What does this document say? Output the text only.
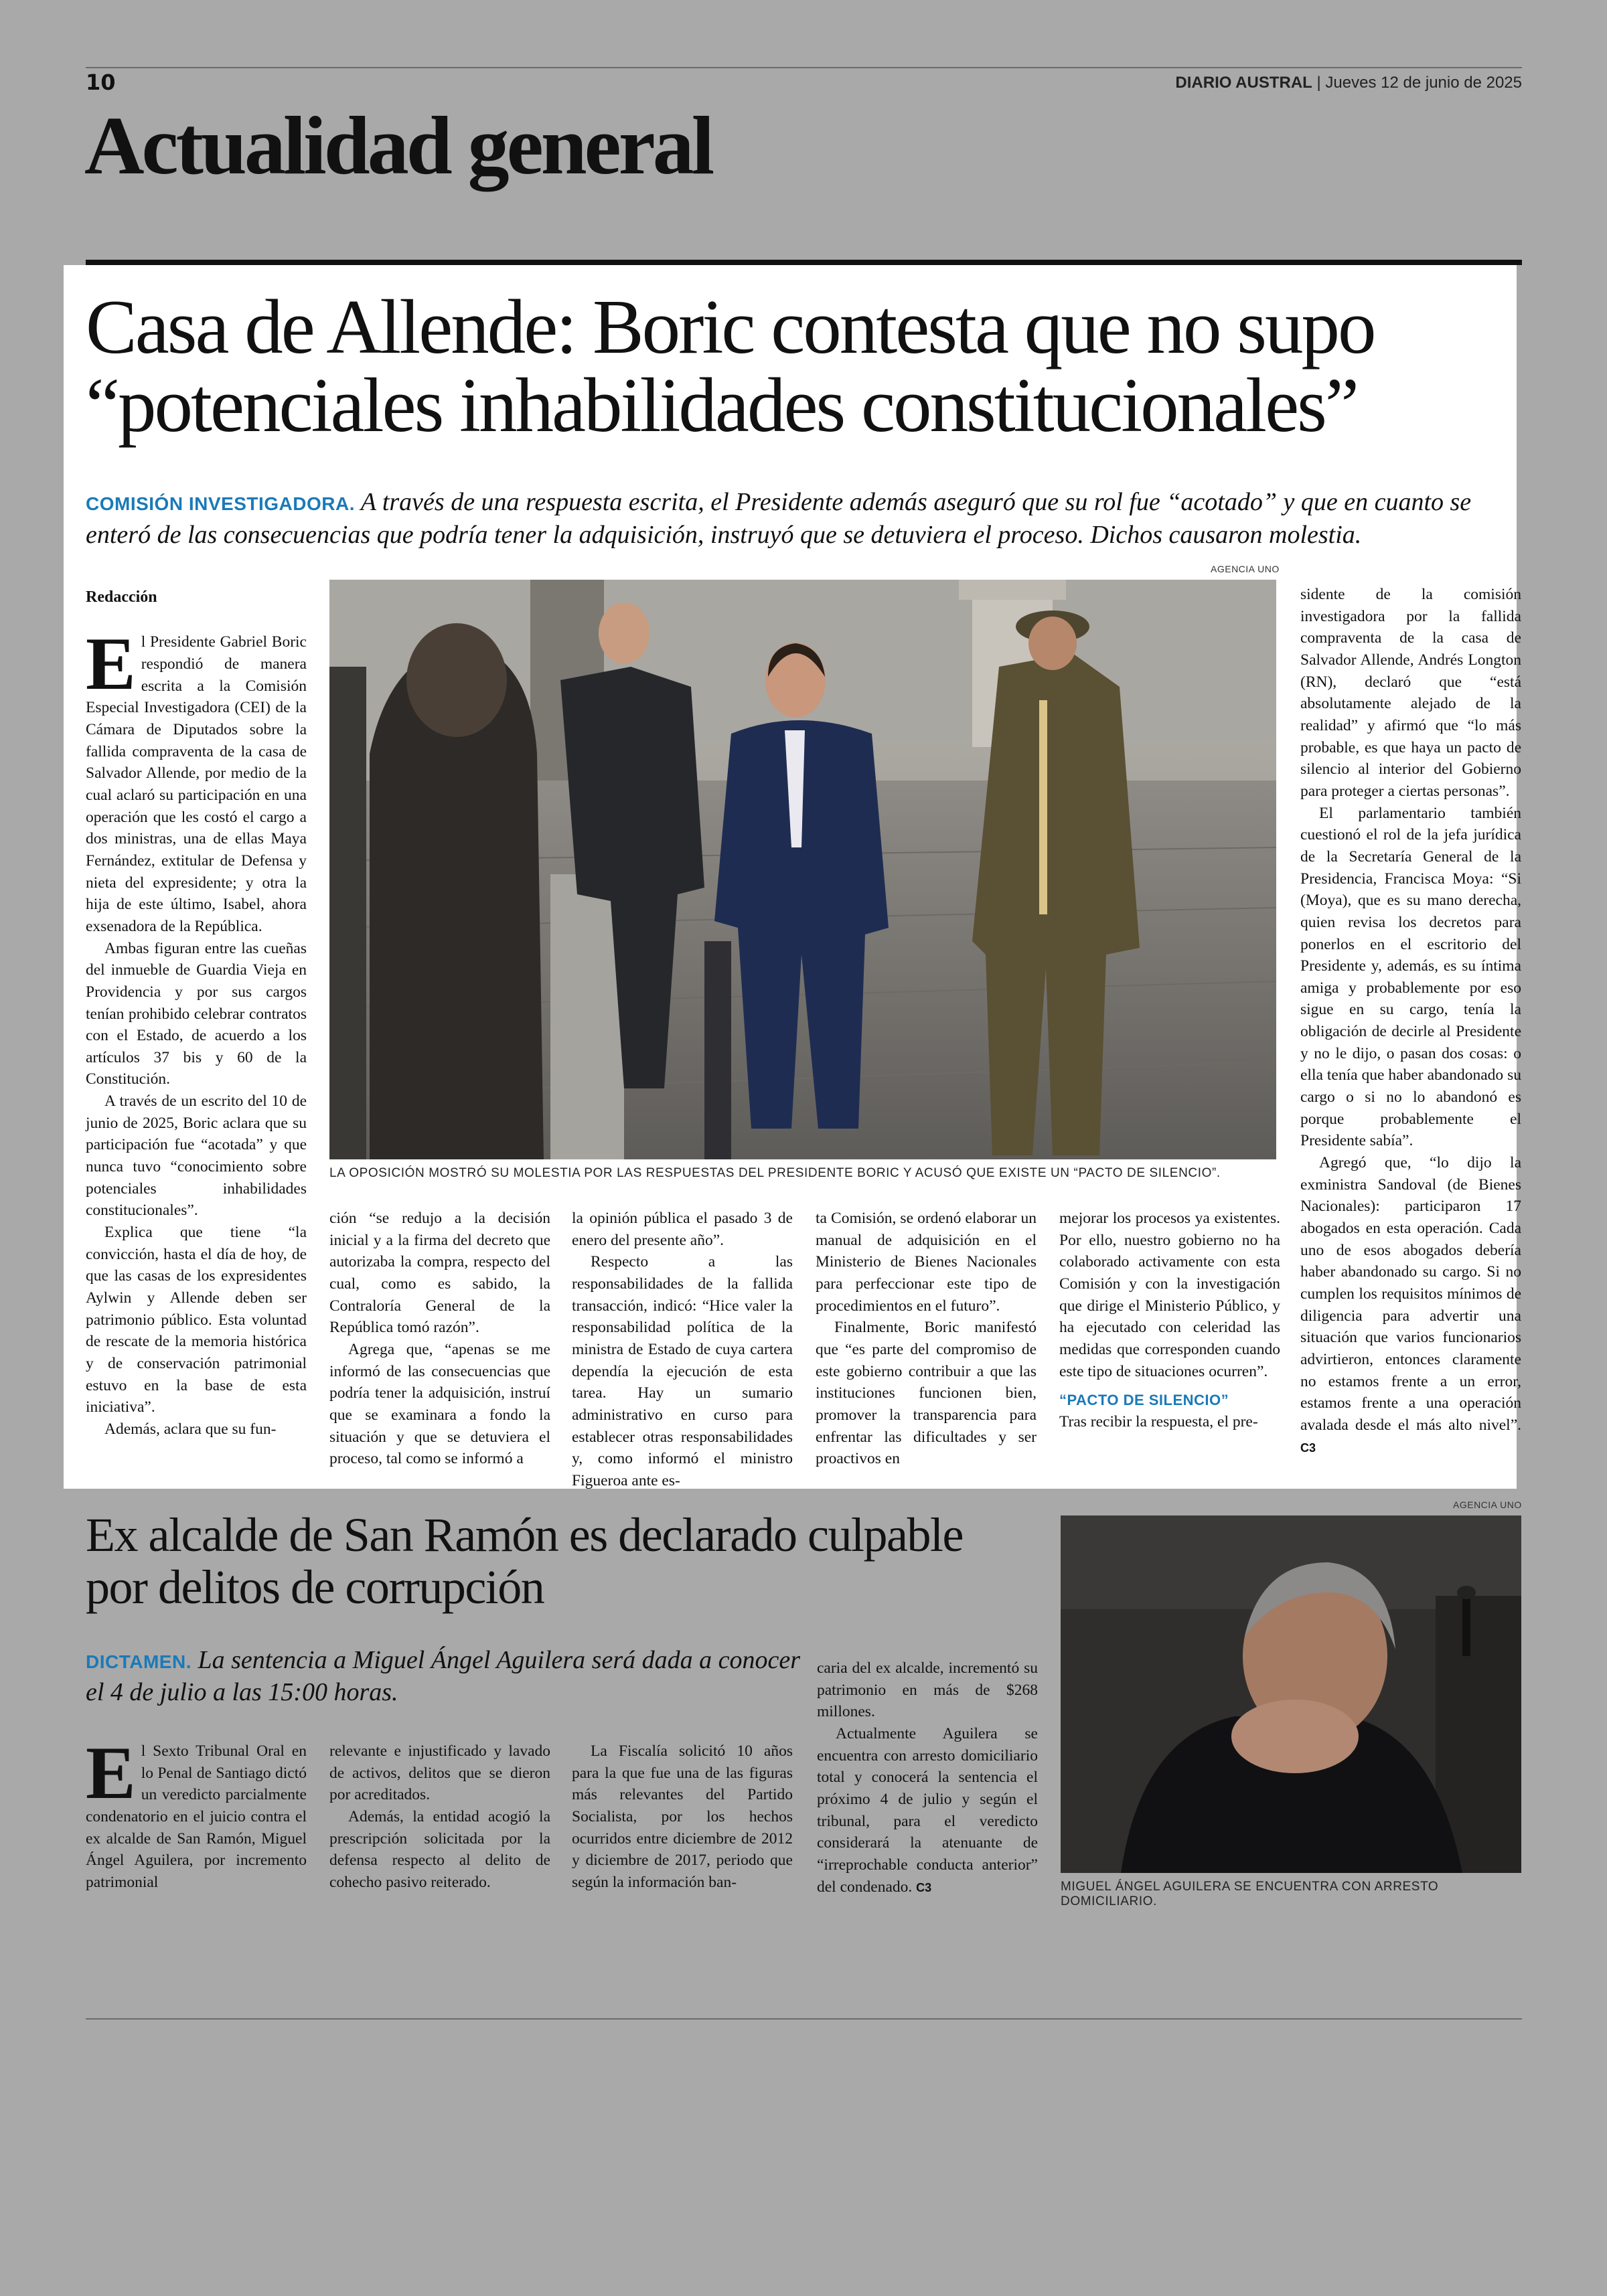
10	DIARIO AUSTRAL | Jueves 12 de junio de 2025
Actualidad general
Casa de Allende: Boric contesta que no supo “potenciales inhabilidades constitucionales”
COMISIÓN INVESTIGADORA. A través de una respuesta escrita, el Presidente además aseguró que su rol fue “acotado” y que en cuanto se enteró de las consecuencias que podría tener la adquisición, instruyó que se detuviera el proceso. Dichos causaron molestia.
AGENCIA UNO
LA OPOSICIÓN MOSTRÓ SU MOLESTIA POR LAS RESPUESTAS DEL PRESIDENTE BORIC Y ACUSÓ QUE EXISTE UN “PACTO DE SILENCIO”.
Redacción

El Presidente Gabriel Boric respondió de manera escrita a la Comisión Especial Investigadora (CEI) de la Cámara de Diputados sobre la fallida compraventa de la casa de Salvador Allende, por medio de la cual aclaró su participación en una operación que les costó el cargo a dos ministras, una de ellas Maya Fernández, extitular de Defensa y nieta del expresidente; y otra la hija de este último, Isabel, ahora exsenadora de la República.

Ambas figuran entre las cueñas del inmueble de Guardia Vieja en Providencia y por sus cargos tenían prohibido celebrar contratos con el Estado, de acuerdo a los artículos 37 bis y 60 de la Constitución.

A través de un escrito del 10 de junio de 2025, Boric aclara que su participación fue “acotada” y que nunca tuvo “conocimiento sobre potenciales inhabilidades constitucionales”.

Explica que tiene “la convicción, hasta el día de hoy, de que las casas de los expresidentes Aylwin y Allende deben ser patrimonio público. Esta voluntad de rescate de la memoria histórica y de conservación patrimonial estuvo en la base de esta iniciativa”.

Además, aclara que su fun-

ción “se redujo a la decisión inicial y a la firma del decreto que autorizaba la compra, respecto del cual, como es sabido, la Contraloría General de la República tomó razón”.

Agrega que, “apenas se me informó de las consecuencias que podría tener la adquisición, instruí que se examinara a fondo la situación y que se detuviera el proceso, tal como se informó a

la opinión pública el pasado 3 de enero del presente año”.

Respecto a las responsabilidades de la fallida transacción, indicó: “Hice valer la responsabilidad política de la ministra de Estado de cuya cartera dependía la ejecución de esta tarea. Hay un sumario administrativo en curso para establecer otras responsabilidades y, como informó el ministro Figueroa ante es-

ta Comisión, se ordenó elaborar un manual de adquisición en el Ministerio de Bienes Nacionales para perfeccionar este tipo de procedimientos en el futuro”.

Finalmente, Boric manifestó que “es parte del compromiso de este gobierno contribuir a que las instituciones funcionen bien, promover la transparencia para enfrentar las dificultades y ser proactivos en

mejorar los procesos ya existentes. Por ello, nuestro gobierno no ha colaborado activamente con esta Comisión y con la investigación que dirige el Ministerio Público, y ha ejecutado con celeridad las medidas que corresponden cuando este tipo de situaciones ocurren”.

“PACTO DE SILENCIO”

Tras recibir la respuesta, el pre-

sidente de la comisión investigadora por la fallida compraventa de la casa de Salvador Allende, Andrés Longton (RN), declaró que “está absolutamente alejado de la realidad” y afirmó que “lo más probable, es que haya un pacto de silencio al interior del Gobierno para proteger a ciertas personas”.

El parlamentario también cuestionó el rol de la jefa jurídica de la Secretaría General de la Presidencia, Francisca Moya: “Si (Moya), que es su mano derecha, quien revisa los decretos para ponerlos en el escritorio del Presidente y, además, es su íntima amiga y probablemente por eso sigue en su cargo, tenía la obligación de decirle al Presidente y no le dijo, o pasan dos cosas: o ella tenía que haber abandonado su cargo o si no lo abandonó es porque probablemente el Presidente sabía”.

Agregó que, “lo dijo la exministra Sandoval (de Bienes Nacionales): participaron 17 abogados en esta operación. Cada uno de esos abogados debería haber abandonado su cargo. Si no cumplen los requisitos mínimos de diligencia para advertir una situación que varios funcionarios advirtieron, entonces claramente no estamos frente a un error, estamos frente a una operación avalada desde el más alto nivel”. C3

Ex alcalde de San Ramón es declarado culpable por delitos de corrupción
DICTAMEN. La sentencia a Miguel Ángel Aguilera será dada a conocer el 4 de julio a las 15:00 horas.

El Sexto Tribunal Oral en lo Penal de Santiago dictó un veredicto parcialmente condenatorio en el juicio contra el ex alcalde de San Ramón, Miguel Ángel Aguilera, por incremento patrimonial

relevante e injustificado y lavado de activos, delitos que se dieron por acreditados.

Además, la entidad acogió la prescripción solicitada por la defensa respecto al delito de cohecho pasivo reiterado.

La Fiscalía solicitó 10 años para la que fue una de las figuras más relevantes del Partido Socialista, por los hechos ocurridos entre diciembre de 2012 y diciembre de 2017, periodo que según la información ban-

caria del ex alcalde, incrementó su patrimonio en más de $268 millones.

Actualmente Aguilera se encuentra con arresto domiciliario total y conocerá la sentencia el próximo 4 de julio y según el tribunal, para el veredicto considerará la atenuante de “irreprochable conducta anterior” del condenado. C3

AGENCIA UNO
MIGUEL ÁNGEL AGUILERA SE ENCUENTRA CON ARRESTO DOMICILIARIO.
